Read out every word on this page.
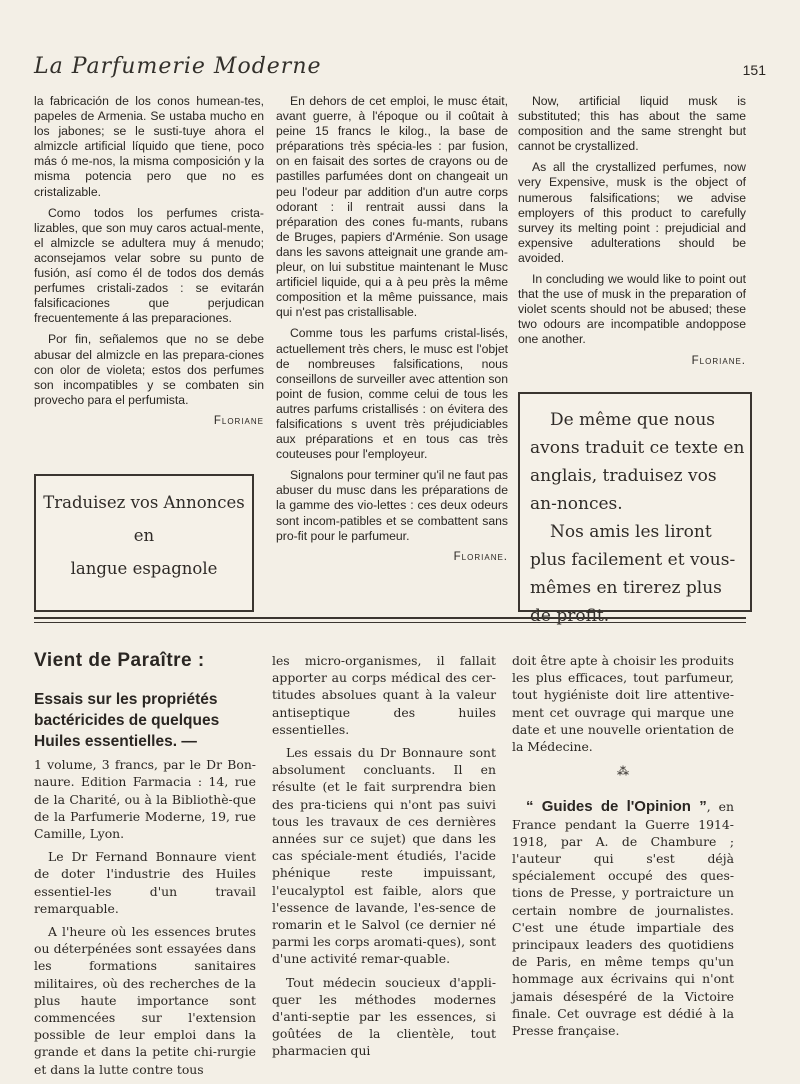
La Parfumerie Moderne	151

la fabricación de los conos humean-tes, papeles de Armenia. Se ustaba mucho en los jabones; se le susti-tuye ahora el almizcle artificial líquido que tiene, poco más ó me-nos, la misma composición y la misma potencia pero que no es cristalizable.

Como todos los perfumes crista-lizables, que son muy caros actual-mente, el almizcle se adultera muy á menudo; aconsejamos velar sobre su punto de fusión, así como él de todos dos demás perfumes cristali-zados : se evitarán falsificaciones que perjudican frecuentemente á las preparaciones.

Por fin, señalemos que no se debe abusar del almizcle en las prepara-ciones con olor de violeta; estos dos perfumes son incompatibles y se combaten sin provecho para el perfumista.

Floriane

En dehors de cet emploi, le musc était, avant guerre, à l'époque ou il coûtait à peine 15 francs le kilog., la base de préparations très spécia-les : par fusion, on en faisait des sortes de crayons ou de pastilles parfumées dont on changeait un peu l'odeur par addition d'un autre corps odorant : il rentrait aussi dans la préparation des cones fu-mants, rubans de Bruges, papiers d'Arménie. Son usage dans les savons atteignait une grande am-pleur, on lui substitue maintenant le Musc artificiel liquide, qui a à peu près la même composition et la même puissance, mais qui n'est pas cristallisable.

Comme tous les parfums cristal-lisés, actuellement très chers, le musc est l'objet de nombreuses falsifications, nous conseillons de surveiller avec attention son point de fusion, comme celui de tous les autres parfums cristallisés : on évitera des falsifications s uvent très préjudiciables aux préparations et en tous cas très couteuses pour l'employeur.

Signalons pour terminer qu'il ne faut pas abuser du musc dans les préparations de la gamme des vio-lettes : ces deux odeurs sont incom-patibles et se combattent sans pro-fit pour le parfumeur.

Floriane.

Now, artificial liquid musk is substituted; this has about the same composition and the same strenght but cannot be crystallized.

As all the crystallized perfumes, now very Expensive, musk is the object of numerous falsifications; we advise employers of this product to carefully survey its melting point : prejudicial and expensive adulterations should be avoided.

In concluding we would like to point out that the use of musk in the preparation of violet scents should not be abused; these two odours are incompatible andoppose one another.

Floriane.
Traduisez vos Annonces
en
langue espagnole

De même que nous avons traduit ce texte en anglais, traduisez vos an-nonces.

Nos amis les liront plus facilement et vous-mêmes en tirerez plus de profit.

Vient de Paraître :
Essais sur les propriétés bactéricides de quelques Huiles essentielles. —

1 volume, 3 francs, par le Dr Bon-naure. Edition Farmacia : 14, rue de la Charité, ou à la Bibliothè-que de la Parfumerie Moderne, 19, rue Camille, Lyon.

Le Dr Fernand Bonnaure vient de doter l'industrie des Huiles essentiel-les d'un travail remarquable.

A l'heure où les essences brutes ou déterpénées sont essayées dans les formations sanitaires militaires, où des recherches de la plus haute importance sont commencées sur l'extension possible de leur emploi dans la grande et dans la petite chi-rurgie et dans la lutte contre tous

les micro-organismes, il fallait apporter au corps médical des cer-titudes absolues quant à la valeur antiseptique des huiles essentielles.

Les essais du Dr Bonnaure sont absolument concluants. Il en résulte (et le fait surprendra bien des pra-ticiens qui n'ont pas suivi tous les travaux de ces dernières années sur ce sujet) que dans les cas spéciale-ment étudiés, l'acide phénique reste impuissant, l'eucalyptol est faible, alors que l'essence de lavande, l'es-sence de romarin et le Salvol (ce dernier né parmi les corps aromati-ques), sont d'une activité remar-quable.

Tout médecin soucieux d'appli-quer les méthodes modernes d'anti-septie par les essences, si goûtées de la clientèle, tout pharmacien qui

doit être apte à choisir les produits les plus efficaces, tout parfumeur, tout hygiéniste doit lire attentive-ment cet ouvrage qui marque une date et une nouvelle orientation de la Médecine.

⁂

“ Guides de l'Opinion ”, en France pendant la Guerre 1914-1918, par A. de Chambure ; l'auteur qui s'est déjà spécialement occupé des ques-tions de Presse, y portraicture un certain nombre de journalistes. C'est une étude impartiale des principaux leaders des quotidiens de Paris, en même temps qu'un hommage aux écrivains qui n'ont jamais désespéré de la Victoire finale. Cet ouvrage est dédié à la Presse française.
